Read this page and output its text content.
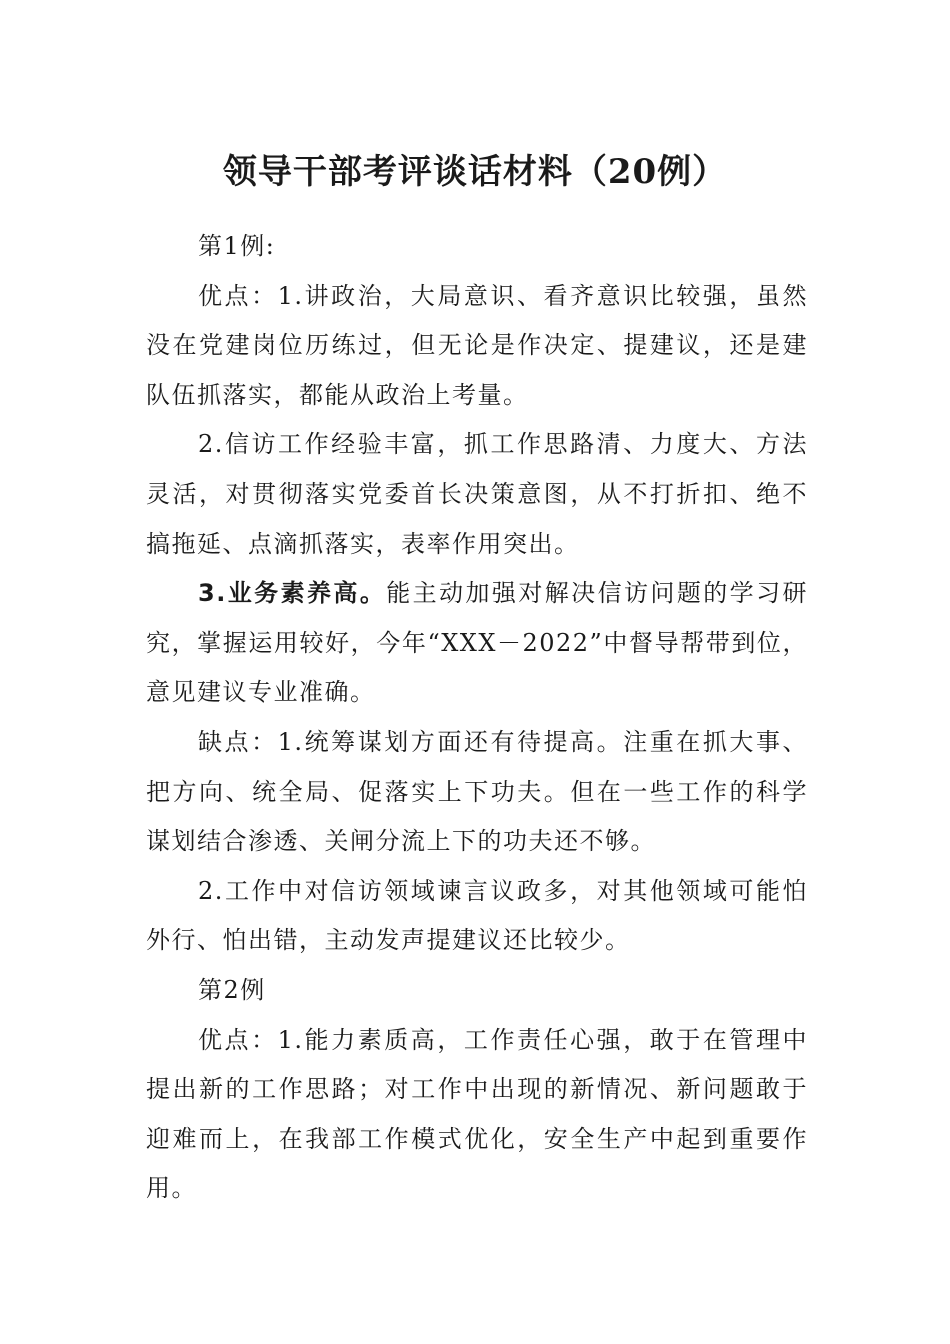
领导干部考评谈话材料（20例）

第1例:

优点：1.讲政治，大局意识、看齐意识比较强，虽然没在党建岗位历练过，但无论是作决定、提建议，还是建队伍抓落实，都能从政治上考量。

2.信访工作经验丰富，抓工作思路清、力度大、方法灵活，对贯彻落实党委首长决策意图，从不打折扣、绝不搞拖延、点滴抓落实，表率作用突出。

3.业务素养高。能主动加强对解决信访问题的学习研究，掌握运用较好，今年“XXX－2022”中督导帮带到位，意见建议专业准确。

缺点：1.统筹谋划方面还有待提高。注重在抓大事、把方向、统全局、促落实上下功夫。但在一些工作的科学谋划结合渗透、关闸分流上下的功夫还不够。

2.工作中对信访领域谏言议政多，对其他领域可能怕外行、怕出错，主动发声提建议还比较少。

第2例

优点：1.能力素质高，工作责任心强，敢于在管理中提出新的工作思路；对工作中出现的新情况、新问题敢于迎难而上，在我部工作模式优化，安全生产中起到重要作用。
